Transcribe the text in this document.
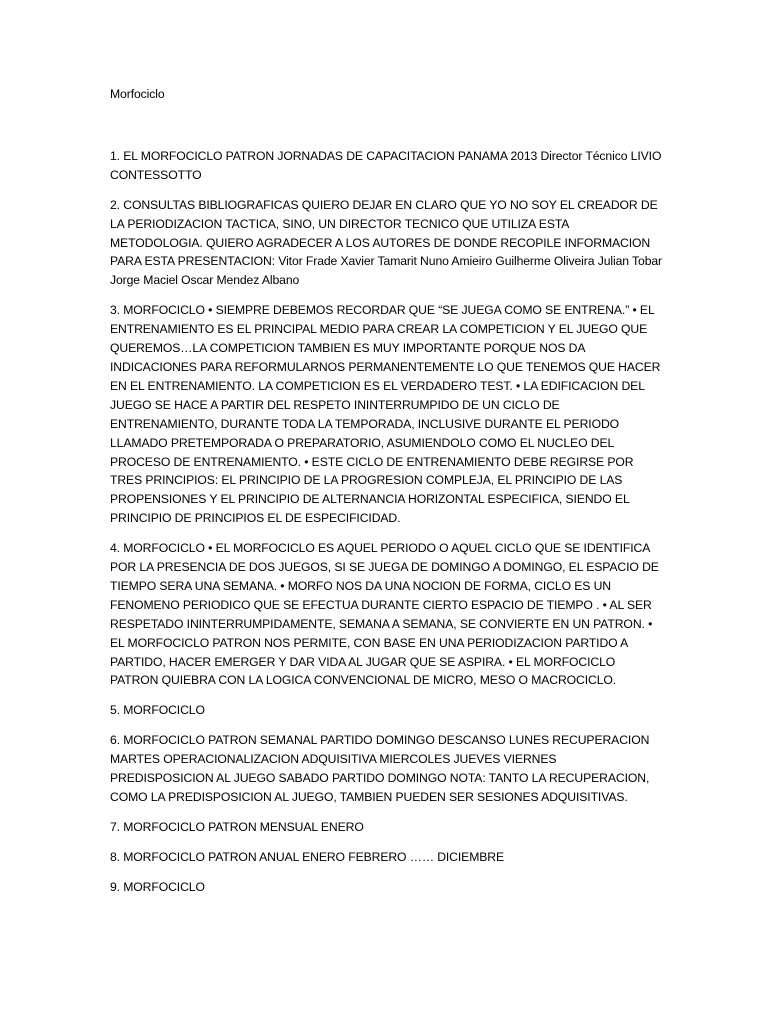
Morfociclo

1. EL MORFOCICLO PATRON JORNADAS DE CAPACITACION PANAMA 2013 Director Técnico LIVIO CONTESSOTTO

2. CONSULTAS BIBLIOGRAFICAS QUIERO DEJAR EN CLARO QUE YO NO SOY EL CREADOR DE LA PERIODIZACION TACTICA, SINO, UN DIRECTOR TECNICO QUE UTILIZA ESTA METODOLOGIA. QUIERO AGRADECER A LOS AUTORES DE DONDE RECOPILE INFORMACION PARA ESTA PRESENTACION: Vitor Frade Xavier Tamarit Nuno Amieiro Guilherme Oliveira Julian Tobar Jorge Maciel Oscar Mendez Albano

3. MORFOCICLO • SIEMPRE DEBEMOS RECORDAR QUE “SE JUEGA COMO SE ENTRENA.” • EL ENTRENAMIENTO ES EL PRINCIPAL MEDIO PARA CREAR LA COMPETICION Y EL JUEGO QUE QUEREMOS…LA COMPETICION TAMBIEN ES MUY IMPORTANTE PORQUE NOS DA INDICACIONES PARA REFORMULARNOS PERMANENTEMENTE LO QUE TENEMOS QUE HACER EN EL ENTRENAMIENTO. LA COMPETICION ES EL VERDADERO TEST. • LA EDIFICACION DEL JUEGO SE HACE A PARTIR DEL RESPETO ININTERRUMPIDO DE UN CICLO DE ENTRENAMIENTO, DURANTE TODA LA TEMPORADA, INCLUSIVE DURANTE EL PERIODO LLAMADO PRETEMPORADA O PREPARATORIO, ASUMIENDOLO COMO EL NUCLEO DEL PROCESO DE ENTRENAMIENTO. • ESTE CICLO DE ENTRENAMIENTO DEBE REGIRSE POR TRES PRINCIPIOS: EL PRINCIPIO DE LA PROGRESION COMPLEJA, EL PRINCIPIO DE LAS PROPENSIONES Y EL PRINCIPIO DE ALTERNANCIA HORIZONTAL ESPECIFICA, SIENDO EL PRINCIPIO DE PRINCIPIOS EL DE ESPECIFICIDAD.

4. MORFOCICLO • EL MORFOCICLO ES AQUEL PERIODO O AQUEL CICLO QUE SE IDENTIFICA POR LA PRESENCIA DE DOS JUEGOS, SI SE JUEGA DE DOMINGO A DOMINGO, EL ESPACIO DE TIEMPO SERA UNA SEMANA. • MORFO NOS DA UNA NOCION DE FORMA, CICLO ES UN FENOMENO PERIODICO QUE SE EFECTUA DURANTE CIERTO ESPACIO DE TIEMPO . • AL SER RESPETADO ININTERRUMPIDAMENTE, SEMANA A SEMANA, SE CONVIERTE EN UN PATRON. • EL MORFOCICLO PATRON NOS PERMITE, CON BASE EN UNA PERIODIZACION PARTIDO A PARTIDO, HACER EMERGER Y DAR VIDA AL JUGAR QUE SE ASPIRA. • EL MORFOCICLO PATRON QUIEBRA CON LA LOGICA CONVENCIONAL DE MICRO, MESO O MACROCICLO.

5. MORFOCICLO

6. MORFOCICLO PATRON SEMANAL PARTIDO DOMINGO DESCANSO LUNES RECUPERACION MARTES OPERACIONALIZACION ADQUISITIVA MIERCOLES JUEVES VIERNES PREDISPOSICION AL JUEGO SABADO PARTIDO DOMINGO NOTA: TANTO LA RECUPERACION, COMO LA PREDISPOSICION AL JUEGO, TAMBIEN PUEDEN SER SESIONES ADQUISITIVAS.

7. MORFOCICLO PATRON MENSUAL ENERO

8. MORFOCICLO PATRON ANUAL ENERO FEBRERO …… DICIEMBRE

9. MORFOCICLO
